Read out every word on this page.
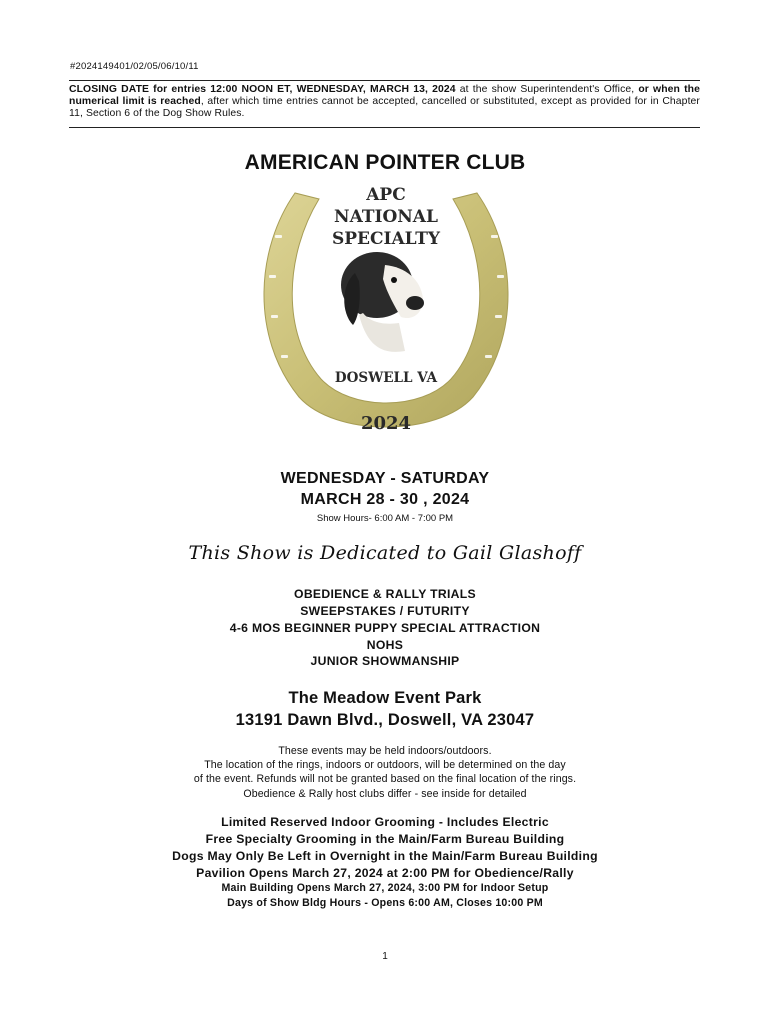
#2024149401/02/05/06/10/11
CLOSING DATE for entries 12:00 NOON ET, WEDNESDAY, MARCH 13, 2024 at the show Superintendent's Office, or when the numerical limit is reached, after which time entries cannot be accepted, cancelled or substituted, except as provided for in Chapter 11, Section 6 of the Dog Show Rules.
AMERICAN POINTER CLUB
APC
NATIONAL
SPECIALTY
DOSWELL VA
2024
WEDNESDAY - SATURDAY
MARCH 28 - 30 , 2024
Show Hours- 6:00 AM - 7:00 PM
This Show is Dedicated to Gail Glashoff
OBEDIENCE & RALLY TRIALS
SWEEPSTAKES / FUTURITY
4-6 MOS BEGINNER PUPPY SPECIAL ATTRACTION
NOHS
JUNIOR SHOWMANSHIP
The Meadow Event Park
13191 Dawn Blvd., Doswell, VA 23047
These events may be held indoors/outdoors.
The location of the rings, indoors or outdoors, will be determined on the day
of the event. Refunds will not be granted based on the final location of the rings.
Obedience & Rally host clubs differ - see inside for detailed
Limited Reserved Indoor Grooming - Includes Electric
Free Specialty Grooming in the Main/Farm Bureau Building
Dogs May Only Be Left in Overnight in the Main/Farm Bureau Building
Pavilion Opens March 27, 2024 at 2:00 PM for Obedience/Rally
Main Building Opens March 27, 2024, 3:00 PM for Indoor Setup
Days of Show Bldg Hours - Opens 6:00 AM, Closes 10:00 PM
1
